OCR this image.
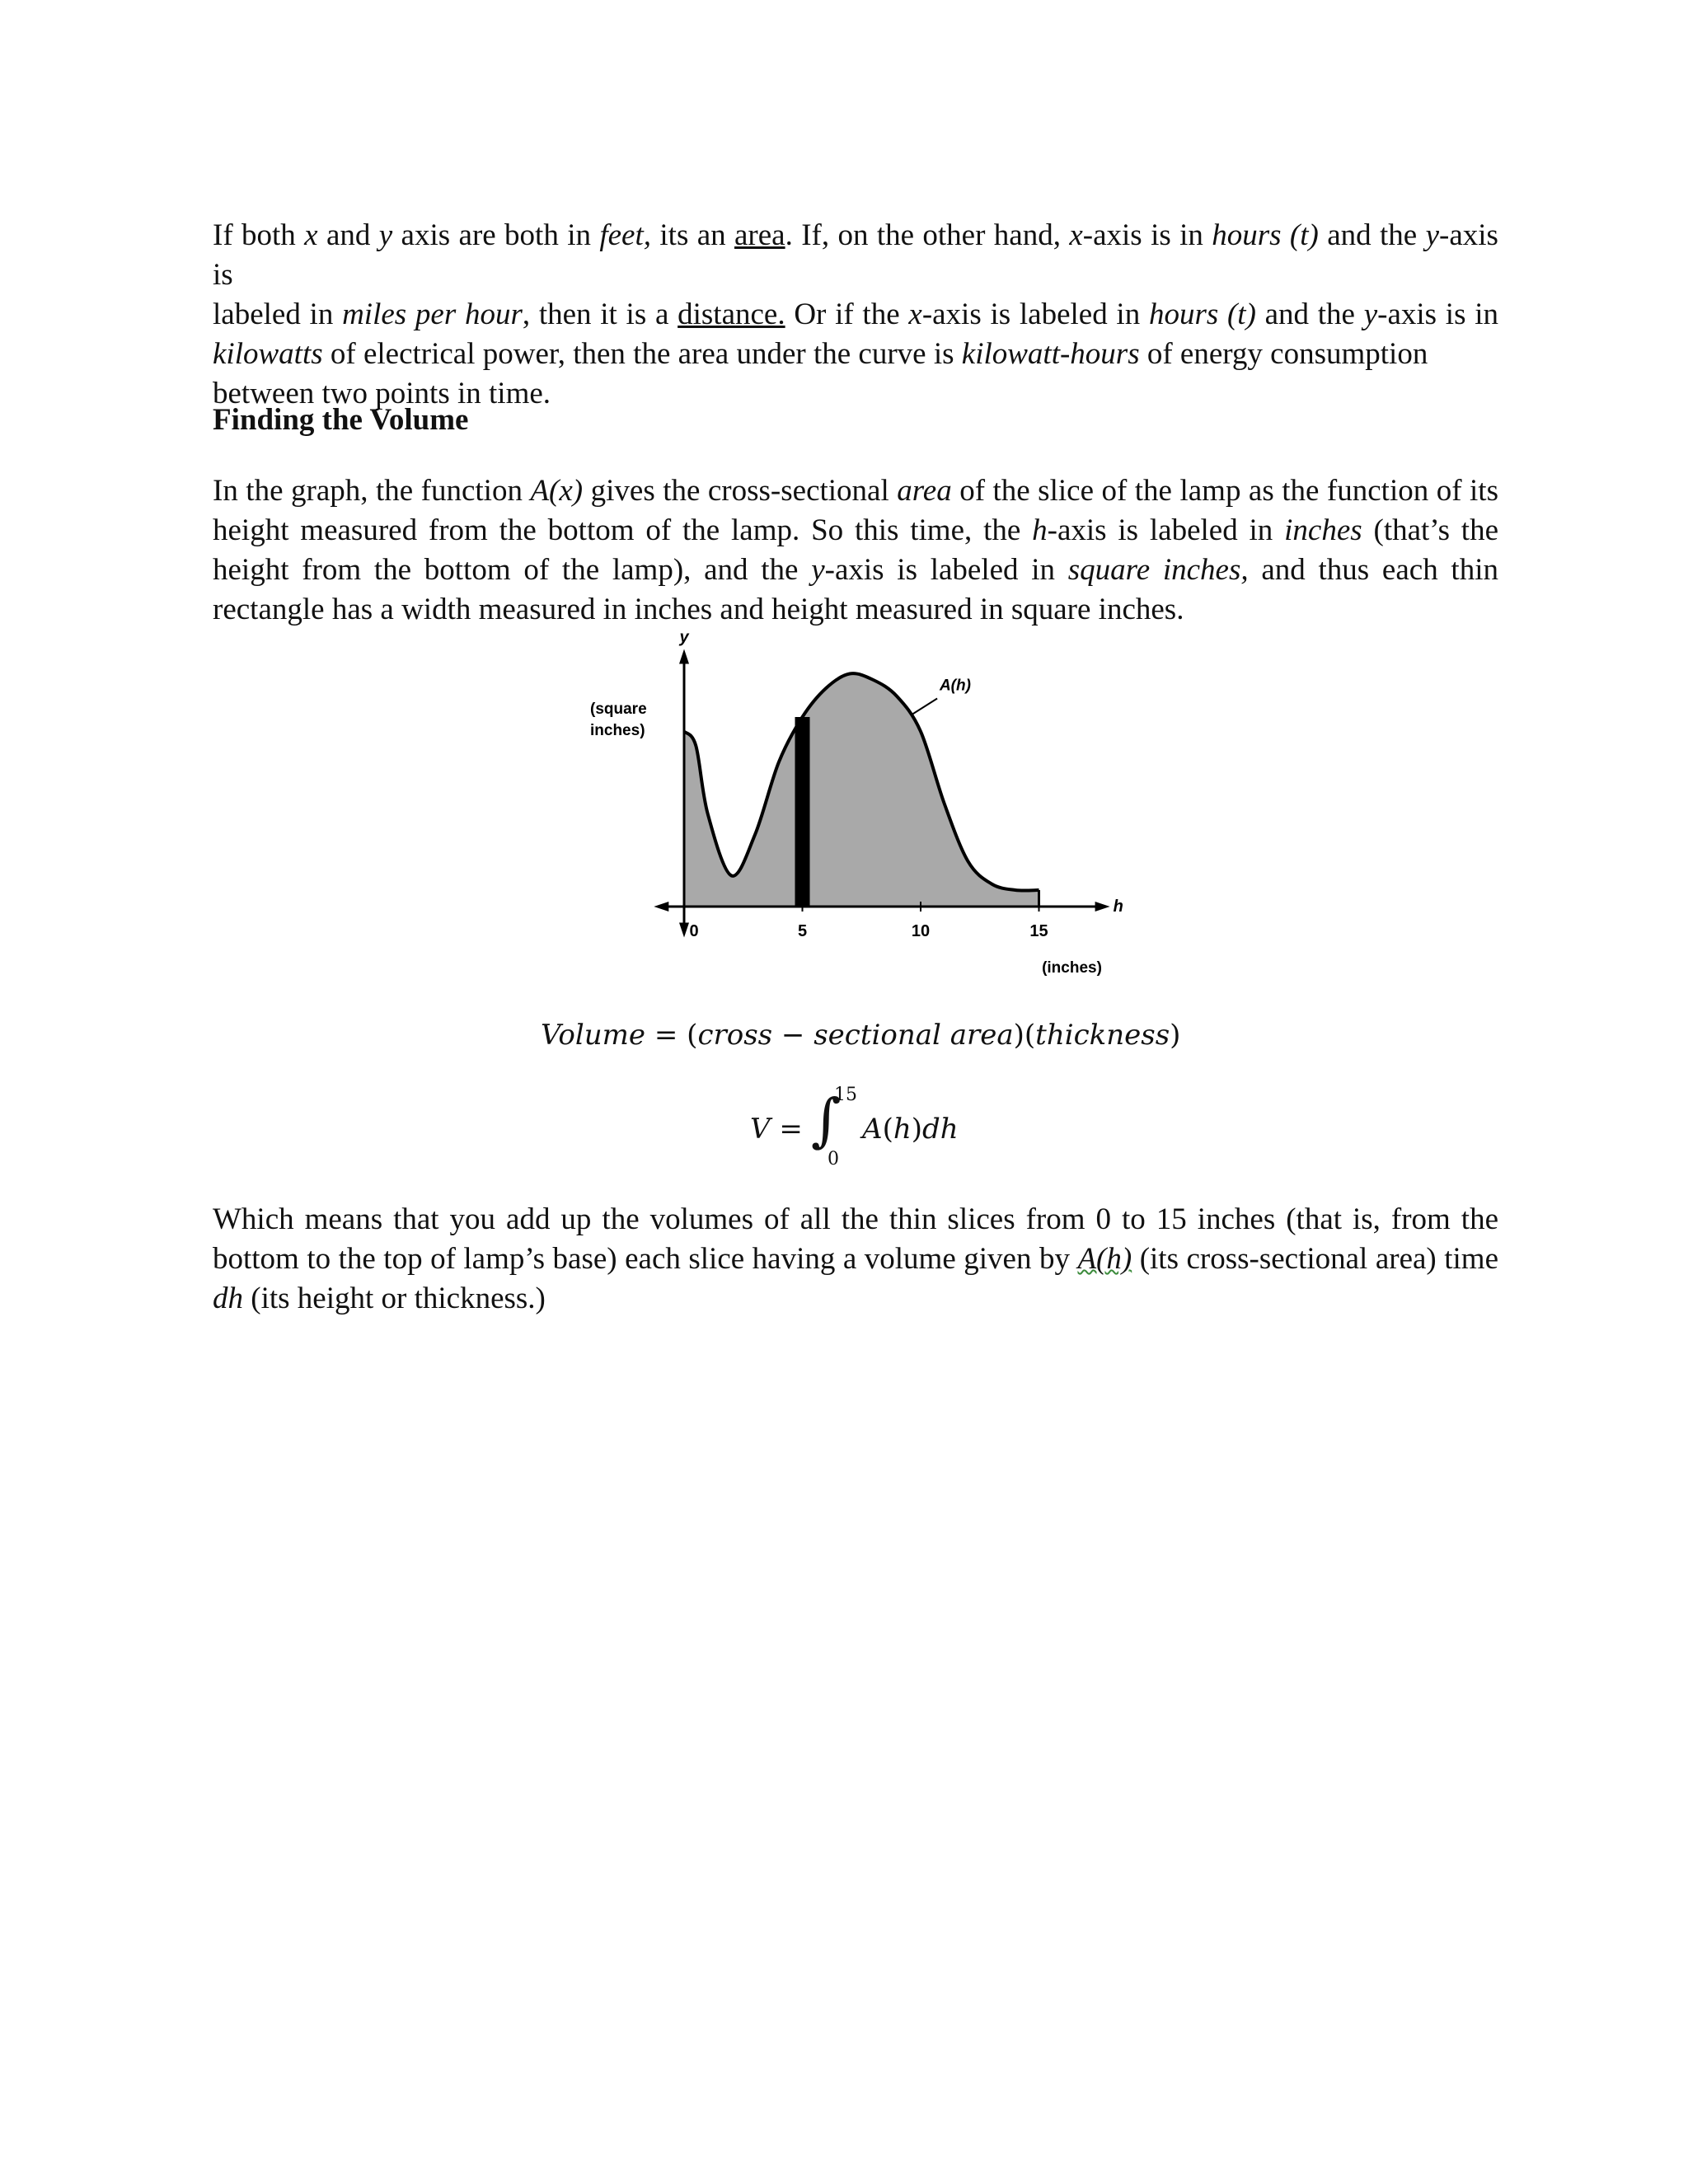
If both x and y axis are both in feet, its an area. If, on the other hand, x-axis is in hours (t) and the y-axis is
labeled in miles per hour, then it is a distance. Or if the x-axis is labeled in hours (t) and the y-axis is in
kilowatts of electrical power, then the area under the curve is kilowatt-hours of energy consumption
between two points in time.

Finding the Volume

In the graph, the function A(x) gives the cross-sectional area of the slice of the lamp as the function of its
height measured from the bottom of the lamp. So this time, the h-axis is labeled in inches (that’s the
height from the bottom of the lamp), and the y-axis is labeled in square inches, and thus each thin
rectangle has a width measured in inches and height measured in square inches.

0	5	10	15
h
y
(square
inches)
(inches)
A(h)
Volume = (cross − sectional area)(thickness)
V = ∫
15
0
A(h)dh

Which means that you add up the volumes of all the thin slices from 0 to 15 inches (that is, from the
bottom to the top of lamp’s base) each slice having a volume given by A(h) (its cross-sectional area) time
dh (its height or thickness.)
